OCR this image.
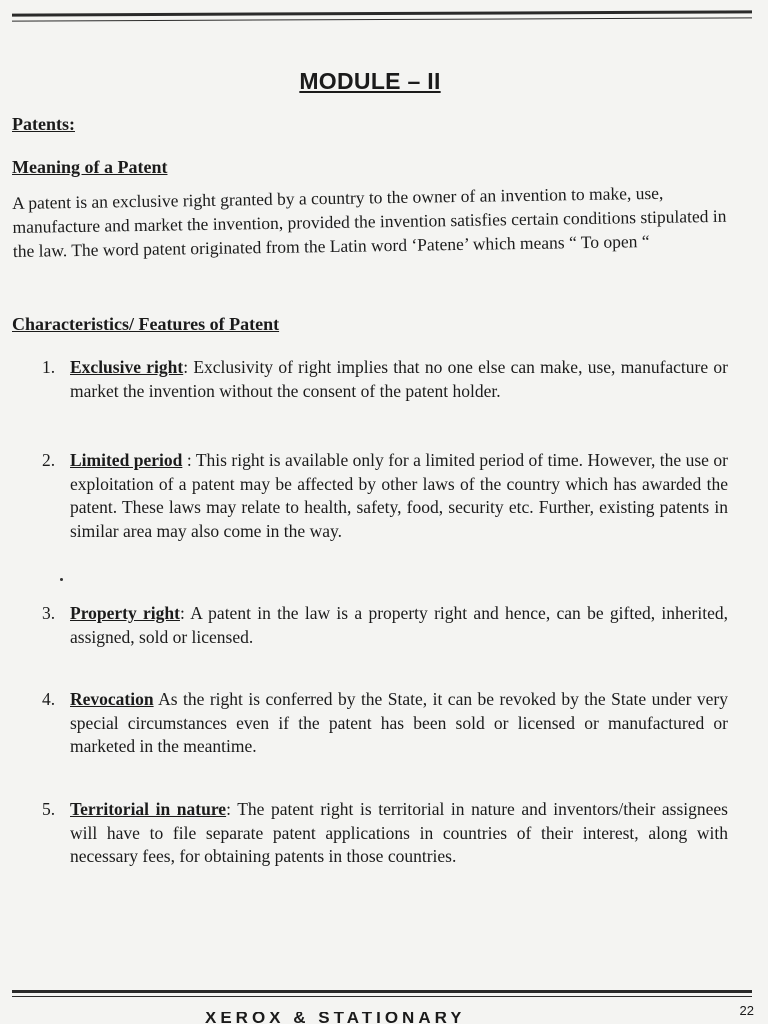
MODULE – II
Patents:
Meaning of a Patent
A patent is an exclusive right granted by a country to the owner of an invention to make, use, manufacture and market the invention, provided the invention satisfies certain conditions stipulated in the law. The word patent originated from the Latin word ‘Patene’ which means “ To open “
Characteristics/ Features of Patent
1. Exclusive right: Exclusivity of right implies that no one else can make, use, manufacture or market the invention without the consent of the patent holder.
2. Limited period : This right is available only for a limited period of time. However, the use or exploitation of a patent may be affected by other laws of the country which has awarded the patent. These laws may relate to health, safety, food, security etc. Further, existing patents in similar area may also come in the way.
3. Property right: A patent in the law is a property right and hence, can be gifted, inherited, assigned, sold or licensed.
4. Revocation As the right is conferred by the State, it can be revoked by the State under very special circumstances even if the patent has been sold or licensed or manufactured or marketed in the meantime.
5. Territorial in nature: The patent right is territorial in nature and inventors/their assignees will have to file separate patent applications in countries of their interest, along with necessary fees, for obtaining patents in those countries.
22
XEROX & STATIONARY
